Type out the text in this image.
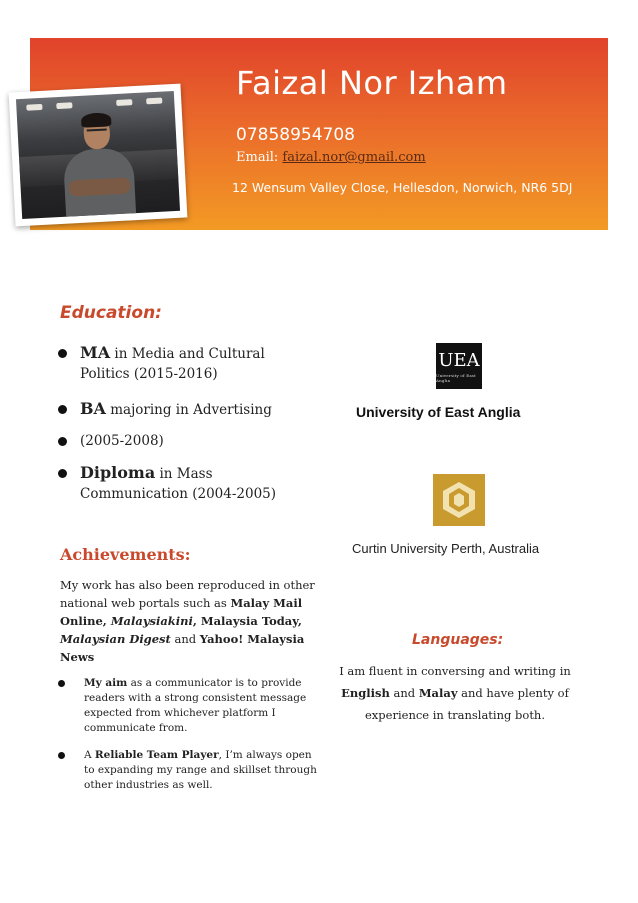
Faizal Nor Izham
07858954708
Email: faizal.nor@gmail.com
12 Wensum Valley Close, Hellesdon, Norwich, NR6 5DJ
Education:
MA in Media and Cultural
Politics (2015-2016)
BA majoring in Advertising
(2005-2008)
Diploma in Mass
Communication (2004-2005)
Achievements:
My work has also been reproduced in other national web portals such as Malay Mail Online, Malaysiakini, Malaysia Today, Malaysian Digest and Yahoo! Malaysia News
My aim as a communicator is to provide readers with a strong consistent message expected from whichever platform I communicate from.
A Reliable Team Player, I’m always open to expanding my range and skillset through other industries as well.
UEA
University of East Anglia
University of East Anglia
Curtin University Perth, Australia
Languages:
I am fluent in conversing and writing in English and Malay and have plenty of experience in translating both.
